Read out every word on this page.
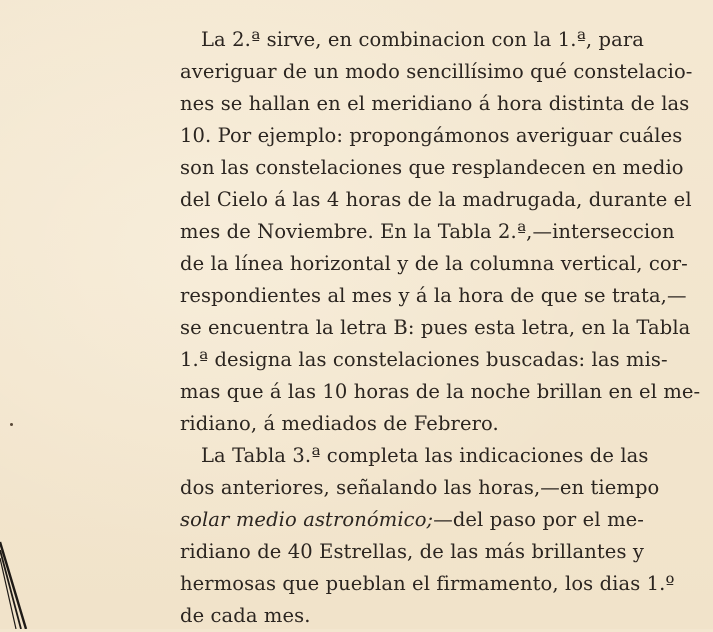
La 2.ª sirve, en combinacion con la 1.ª, para
averiguar de un modo sencillísimo qué constelacio-
nes se hallan en el meridiano á hora distinta de las
10. Por ejemplo: propongámonos averiguar cuáles
son las constelaciones que resplandecen en medio
del Cielo á las 4 horas de la madrugada, durante el
mes de Noviembre. En la Tabla 2.ª,—interseccion
de la línea horizontal y de la columna vertical, cor-
respondientes al mes y á la hora de que se trata,—
se encuentra la letra B: pues esta letra, en la Tabla
1.ª designa las constelaciones buscadas: las mis-
mas que á las 10 horas de la noche brillan en el me-
ridiano, á mediados de Febrero.
La Tabla 3.ª completa las indicaciones de las
dos anteriores, señalando las horas,—en tiempo
solar medio astronómico;—del paso por el me-
ridiano de 40 Estrellas, de las más brillantes y
hermosas que pueblan el firmamento, los dias 1.º
de cada mes.
